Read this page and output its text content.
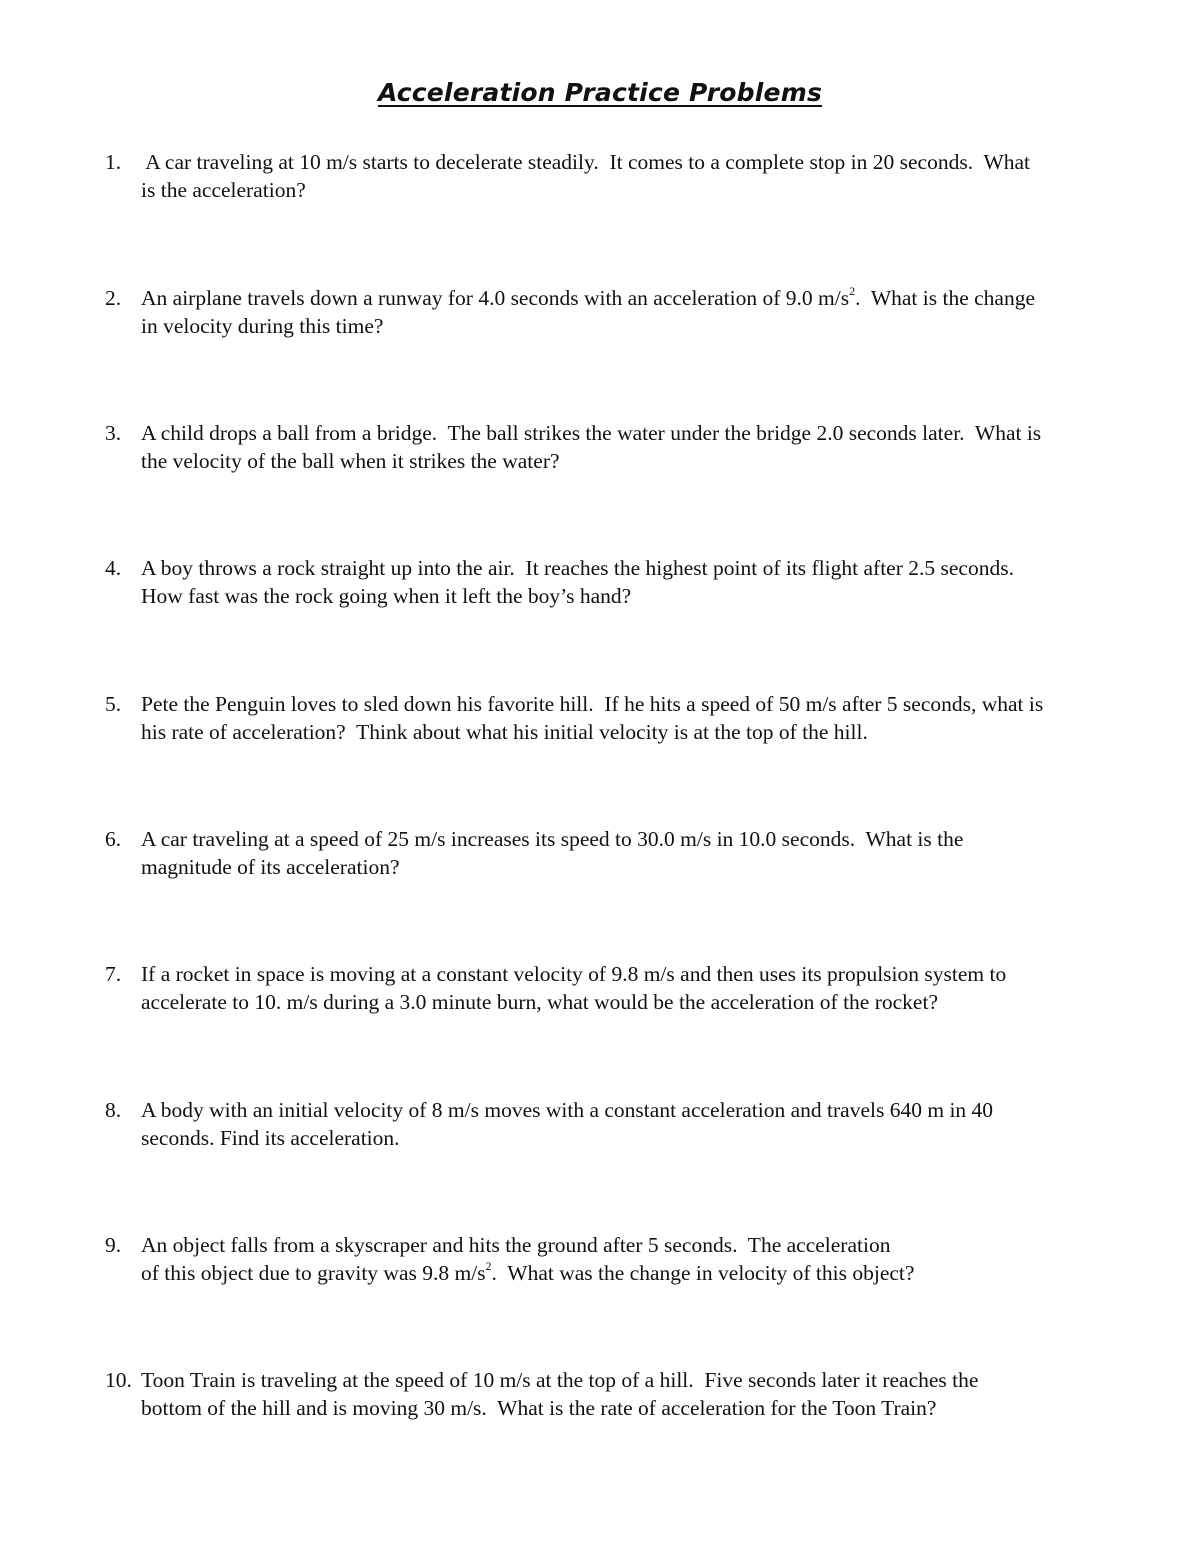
Acceleration Practice Problems
1. A car traveling at 10 m/s starts to decelerate steadily.  It comes to a complete stop in 20 seconds.  What
is the acceleration?
2. An airplane travels down a runway for 4.0 seconds with an acceleration of 9.0 $m/s^2$.  What is the change
in velocity during this time?
3. A child drops a ball from a bridge.  The ball strikes the water under the bridge 2.0 seconds later.  What is
the velocity of the ball when it strikes the water?
4. A boy throws a rock straight up into the air.  It reaches the highest point of its flight after 2.5 seconds.
How fast was the rock going when it left the boy’s hand?
5. Pete the Penguin loves to sled down his favorite hill.  If he hits a speed of 50 m/s after 5 seconds, what is
his rate of acceleration?  Think about what his initial velocity is at the top of the hill.
6. A car traveling at a speed of 25 m/s increases its speed to 30.0 m/s in 10.0 seconds.  What is the
magnitude of its acceleration?
7. If a rocket in space is moving at a constant velocity of 9.8 m/s and then uses its propulsion system to
accelerate to 10. m/s during a 3.0 minute burn, what would be the acceleration of the rocket?
8. A body with an initial velocity of 8 m/s moves with a constant acceleration and travels 640 m in 40
seconds. Find its acceleration.
9. An object falls from a skyscraper and hits the ground after 5 seconds.  The acceleration
of this object due to gravity was 9.8 $m/s^2$.  What was the change in velocity of this object?
10. Toon Train is traveling at the speed of 10 m/s at the top of a hill.  Five seconds later it reaches the
bottom of the hill and is moving 30 m/s.  What is the rate of acceleration for the Toon Train?
